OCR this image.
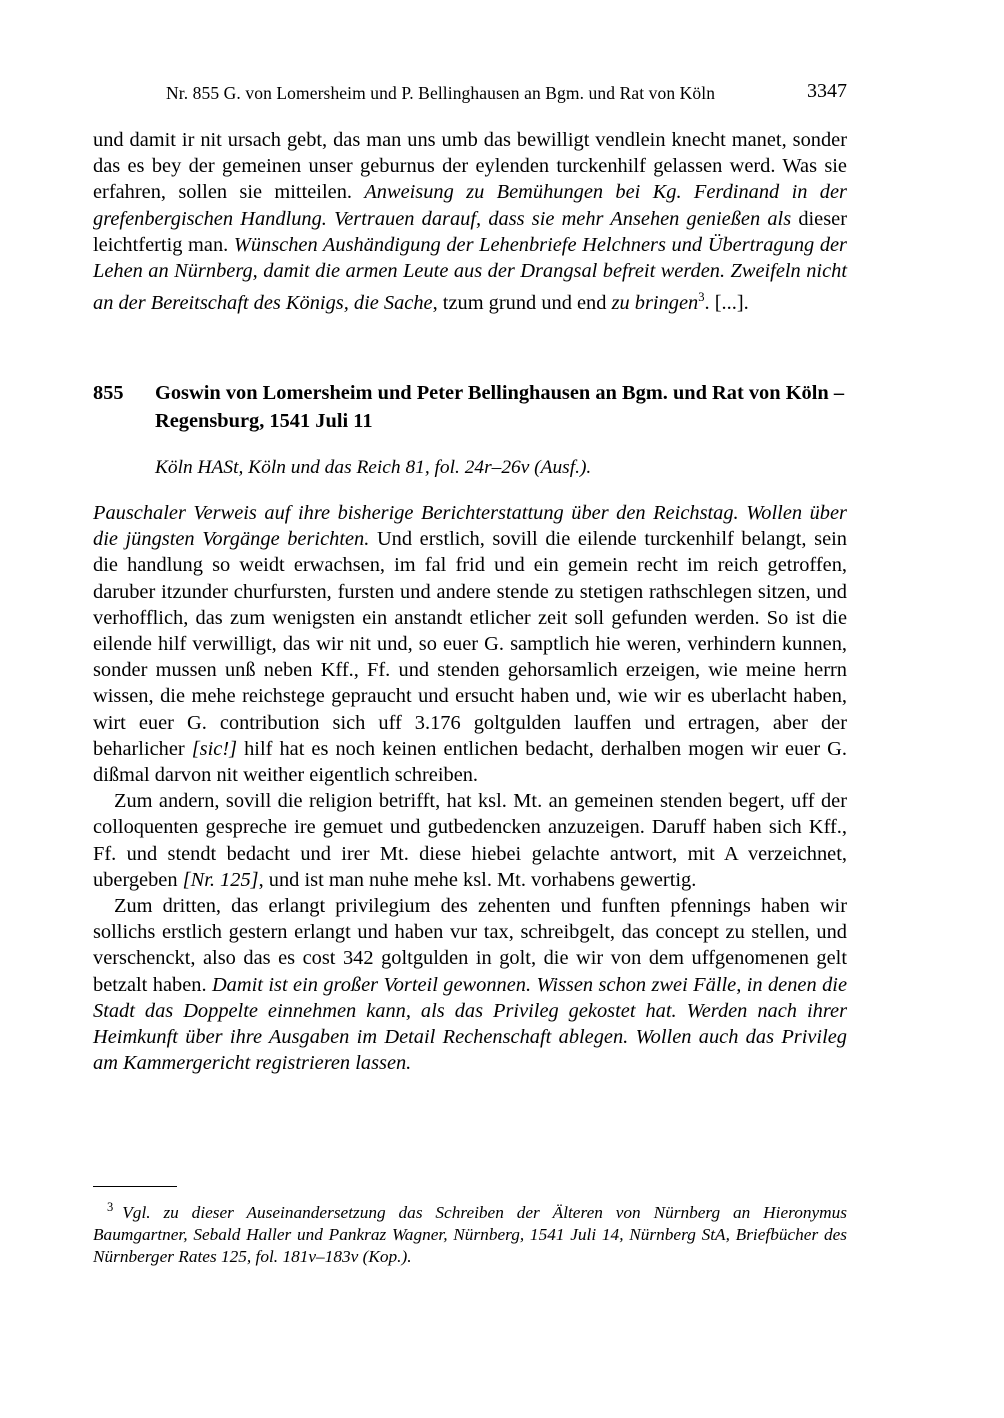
Nr. 855 G. von Lomersheim und P. Bellinghausen an Bgm. und Rat von Köln	3347

und damit ir nit ursach gebt, das man uns umb das bewilligt vendlein knecht manet, sonder das es bey der gemeinen unser geburnus der eylenden turckenhilf gelassen werd. Was sie erfahren, sollen sie mitteilen. Anweisung zu Bemühungen bei Kg. Ferdinand in der grefenbergischen Handlung. Vertrauen darauf, dass sie mehr Ansehen genießen als dieser leichtfertig man. Wünschen Aushändigung der Lehenbriefe Helchners und Übertragung der Lehen an Nürnberg, damit die armen Leute aus der Drangsal befreit werden. Zweifeln nicht an der Bereitschaft des Königs, die Sache, tzum grund und end zu bringen$^3$. [...].

855	Goswin von Lomersheim und Peter Bellinghausen an Bgm. und Rat von Köln – Regensburg, 1541 Juli 11
Köln HASt, Köln und das Reich 81, fol. 24r–26v (Ausf.).

Pauschaler Verweis auf ihre bisherige Berichterstattung über den Reichstag. Wollen über die jüngsten Vorgänge berichten. Und erstlich, sovill die eilende turckenhilf belangt, sein die handlung so weidt erwachsen, im fal frid und ein gemein recht im reich getroffen, daruber itzunder churfursten, fursten und andere stende zu stetigen rathschlegen sitzen, und verhofflich, das zum wenigsten ein anstandt etlicher zeit soll gefunden werden. So ist die eilende hilf verwilligt, das wir nit und, so euer G. samptlich hie weren, verhindern kunnen, sonder mussen unß neben Kff., Ff. und stenden gehorsamlich erzeigen, wie meine herrn wissen, die mehe reichstege gepraucht und ersucht haben und, wie wir es uberlacht haben, wirt euer G. contribution sich uff 3.176 goltgulden lauffen und ertragen, aber der beharlicher [sic!] hilf hat es noch keinen entlichen bedacht, derhalben mogen wir euer G. dißmal darvon nit weither eigentlich schreiben.

Zum andern, sovill die religion betrifft, hat ksl. Mt. an gemeinen stenden begert, uff der colloquenten gespreche ire gemuet und gutbedencken anzuzeigen. Daruff haben sich Kff., Ff. und stendt bedacht und irer Mt. diese hiebei gelachte antwort, mit A verzeichnet, ubergeben [Nr. 125], und ist man nuhe mehe ksl. Mt. vorhabens gewertig.

Zum dritten, das erlangt privilegium des zehenten und funften pfennings haben wir sollichs erstlich gestern erlangt und haben vur tax, schreibgelt, das concept zu stellen, und verschenckt, also das es cost 342 goltgulden in golt, die wir von dem uffgenomenen gelt betzalt haben. Damit ist ein großer Vorteil gewonnen. Wissen schon zwei Fälle, in denen die Stadt das Doppelte einnehmen kann, als das Privileg gekostet hat. Werden nach ihrer Heimkunft über ihre Ausgaben im Detail Rechenschaft ablegen. Wollen auch das Privileg am Kammergericht registrieren lassen.

$^3$ Vgl. zu dieser Auseinandersetzung das Schreiben der Älteren von Nürnberg an Hieronymus Baumgartner, Sebald Haller und Pankraz Wagner, Nürnberg, 1541 Juli 14, Nürnberg StA, Briefbücher des Nürnberger Rates 125, fol. 181v–183v (Kop.).
